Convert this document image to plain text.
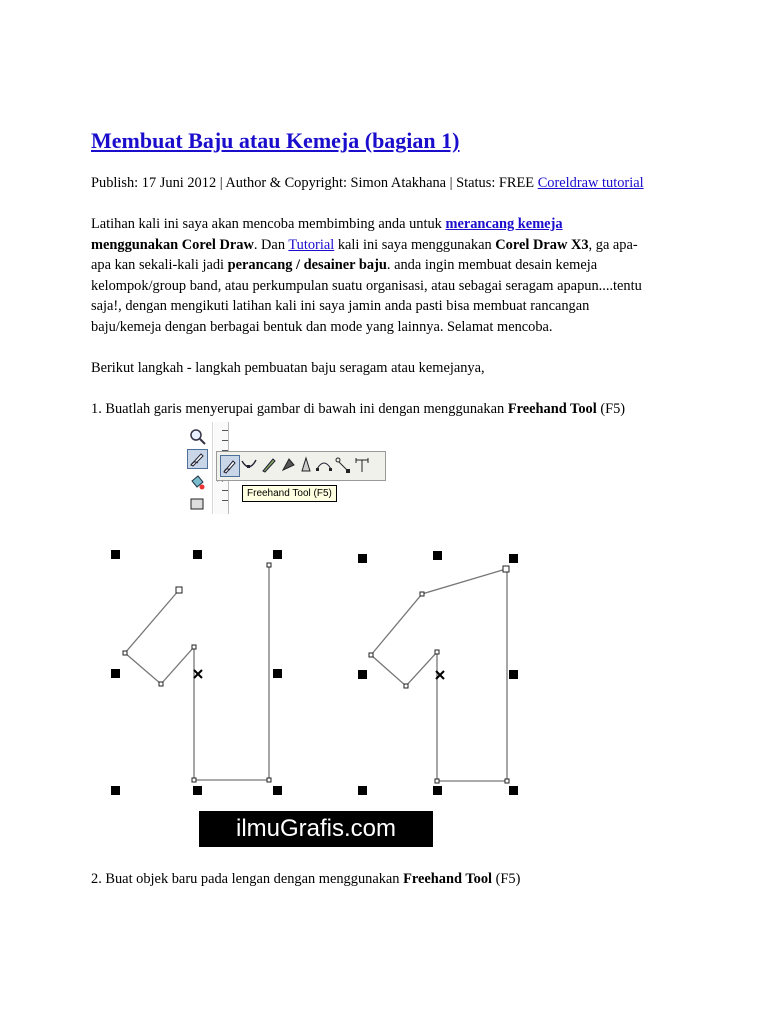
Membuat Baju atau Kemeja (bagian 1)
Publish: 17 Juni 2012 | Author & Copyright: Simon Atakhana | Status: FREE Coreldraw tutorial
Latihan kali ini saya akan mencoba membimbing anda untuk merancang kemeja
menggunakan Corel Draw. Dan Tutorial kali ini saya menggunakan Corel Draw X3, ga apa-
apa kan sekali-kali jadi perancang / desainer baju. anda ingin membuat desain kemeja
kelompok/group band, atau perkumpulan suatu organisasi, atau sebagai seragam apapun....tentu
saja!, dengan mengikuti latihan kali ini saya jamin anda pasti bisa membuat rancangan
baju/kemeja dengan berbagai bentuk dan mode yang lainnya. Selamat mencoba.
Berikut langkah - langkah pembuatan baju seragam atau kemejanya,
1. Buatlah garis menyerupai gambar di bawah ini dengan menggunakan Freehand Tool (F5)
Freehand Tool (F5)
ilmuGrafis.com
2. Buat objek baru pada lengan dengan menggunakan Freehand Tool (F5)
